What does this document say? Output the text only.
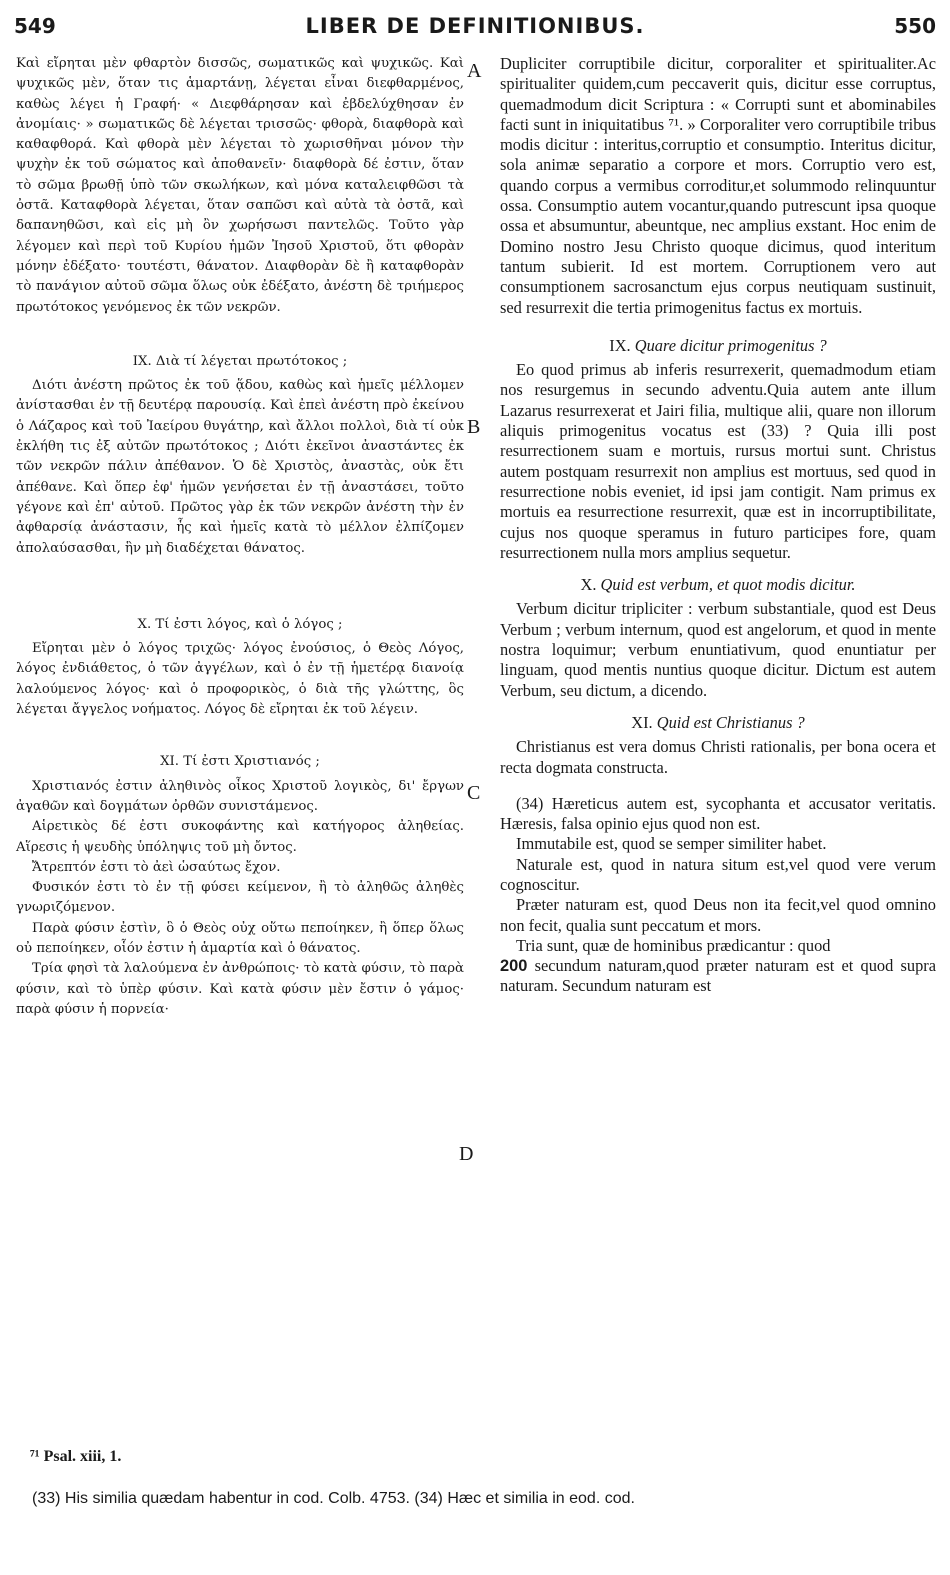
549	LIBER DE DEFINITIONIBUS.	550
A
B
C
D

Καὶ εἴρηται μὲν φθαρτὸν δισσῶς, σωματικῶς καὶ ψυχικῶς. Καὶ ψυχικῶς μὲν, ὅταν τις ἁμαρτάνῃ, λέγεται εἶναι διεφθαρμένος, καθὼς λέγει ἡ Γραφή· « Διεφθάρησαν καὶ ἐβδελύχθησαν ἐν ἀνομίαις· » σωματικῶς δὲ λέγεται τρισσῶς· φθορὰ, διαφθορὰ καὶ καθαφθορά. Καὶ φθορὰ μὲν λέγεται τὸ χωρισθῆναι μόνον τὴν ψυχὴν ἐκ τοῦ σώματος καὶ ἀποθανεῖν· διαφθορὰ δέ ἐστιν, ὅταν τὸ σῶμα βρωθῇ ὑπὸ τῶν σκωλήκων, καὶ μόνα καταλειφθῶσι τὰ ὀστᾶ. Καταφθορὰ λέγεται, ὅταν σαπῶσι καὶ αὐτὰ τὰ ὀστᾶ, καὶ δαπανηθῶσι, καὶ εἰς μὴ ὂν χωρήσωσι παντελῶς. Τοῦτο γὰρ λέγομεν καὶ περὶ τοῦ Κυρίου ἡμῶν Ἰησοῦ Χριστοῦ, ὅτι φθορὰν μόνην ἐδέξατο· τουτέστι, θάνατον. Διαφθορὰν δὲ ἢ καταφθορὰν τὸ πανάγιον αὐτοῦ σῶμα ὅλως οὐκ ἐδέξατο, ἀνέστη δὲ τριήμερος πρωτότοκος γενόμενος ἐκ τῶν νεκρῶν.

IX. Διὰ τί λέγεται πρωτότοκος ;

Διότι ἀνέστη πρῶτος ἐκ τοῦ ᾅδου, καθὼς καὶ ἡμεῖς μέλλομεν ἀνίστασθαι ἐν τῇ δευτέρᾳ παρουσίᾳ. Καὶ ἐπεὶ ἀνέστη πρὸ ἐκείνου ὁ Λάζαρος καὶ τοῦ Ἰαείρου θυγάτηρ, καὶ ἄλλοι πολλοὶ, διὰ τί οὐκ ἐκλήθη τις ἐξ αὐτῶν πρωτότοκος ; Διότι ἐκεῖνοι ἀναστάντες ἐκ τῶν νεκρῶν πάλιν ἀπέθανον. Ὁ δὲ Χριστὸς, ἀναστὰς, οὐκ ἔτι ἀπέθανε. Καὶ ὅπερ ἐφ' ἡμῶν γενήσεται ἐν τῇ ἀναστάσει, τοῦτο γέγονε καὶ ἐπ' αὐτοῦ. Πρῶτος γὰρ ἐκ τῶν νεκρῶν ἀνέστη τὴν ἐν ἀφθαρσίᾳ ἀνάστασιν, ἧς καὶ ἡμεῖς κατὰ τὸ μέλλον ἐλπίζομεν ἀπολαύσασθαι, ἣν μὴ διαδέχεται θάνατος.

X. Τί ἐστι λόγος, καὶ ὁ λόγος ;

Εἴρηται μὲν ὁ λόγος τριχῶς· λόγος ἐνούσιος, ὁ Θεὸς Λόγος, λόγος ἐνδιάθετος, ὁ τῶν ἀγγέλων, καὶ ὁ ἐν τῇ ἡμετέρᾳ διανοίᾳ λαλούμενος λόγος· καὶ ὁ προφορικὸς, ὁ διὰ τῆς γλώττης, ὃς λέγεται ἄγγελος νοήματος. Λόγος δὲ εἴρηται ἐκ τοῦ λέγειν.

XI. Τί ἐστι Χριστιανός ;

Χριστιανός ἐστιν ἀληθινὸς οἶκος Χριστοῦ λογικὸς, δι' ἔργων ἀγαθῶν καὶ δογμάτων ὀρθῶν συνιστάμενος.

Αἱρετικὸς δέ ἐστι συκοφάντης καὶ κατήγορος ἀληθείας. Αἵρεσις ἡ ψευδὴς ὑπόληψις τοῦ μὴ ὄντος.

Ἄτρεπτόν ἐστι τὸ ἀεὶ ὡσαύτως ἔχον.

Φυσικόν ἐστι τὸ ἐν τῇ φύσει κείμενον, ἢ τὸ ἀληθῶς ἀληθὲς γνωριζόμενον.

Παρὰ φύσιν ἐστὶν, ὃ ὁ Θεὸς οὐχ οὕτω πεποίηκεν, ἢ ὅπερ ὅλως οὐ πεποίηκεν, οἷόν ἐστιν ἡ ἁμαρτία καὶ ὁ θάνατος.

Τρία φησὶ τὰ λαλούμενα ἐν ἀνθρώποις· τὸ κατὰ φύσιν, τὸ παρὰ φύσιν, καὶ τὸ ὑπὲρ φύσιν. Καὶ κατὰ φύσιν μὲν ἔστιν ὁ γάμος· παρὰ φύσιν ἡ πορνεία·

Dupliciter corruptibile dicitur, corporaliter et spiritualiter.Ac spiritualiter quidem,cum peccaverit quis, dicitur esse corruptus, quemadmodum dicit Scriptura : « Corrupti sunt et abominabiles facti sunt in iniquitatibus ⁷¹. » Corporaliter vero corruptibile tribus modis dicitur : interitus,corruptio et consumptio. Interitus dicitur, sola animæ separatio a corpore et mors. Corruptio vero est, quando corpus a vermibus corroditur,et solummodo relinquuntur ossa. Consumptio autem vocantur,quando putrescunt ipsa quoque ossa et absumuntur, abeuntque, nec amplius exstant. Hoc enim de Domino nostro Jesu Christo quoque dicimus, quod interitum tantum subierit. Id est mortem. Corruptionem vero aut consumptionem sacrosanctum ejus corpus neutiquam sustinuit, sed resurrexit die tertia primogenitus factus ex mortuis.

IX. Quare dicitur primogenitus ?

Eo quod primus ab inferis resurrexerit, quemadmodum etiam nos resurgemus in secundo adventu.Quia autem ante illum Lazarus resurrexerat et Jairi filia, multique alii, quare non illorum aliquis primogenitus vocatus est (33) ? Quia illi post resurrectionem suam e mortuis, rursus mortui sunt. Christus autem postquam resurrexit non amplius est mortuus, sed quod in resurrectione nobis eveniet, id ipsi jam contigit. Nam primus ex mortuis ea resurrectione resurrexit, quæ est in incorruptibilitate, cujus nos quoque speramus in futuro participes fore, quam resurrectionem nulla mors amplius sequetur.

X. Quid est verbum, et quot modis dicitur.

Verbum dicitur tripliciter : verbum substantiale, quod est Deus Verbum ; verbum internum, quod est angelorum, et quod in mente nostra loquimur; verbum enuntiativum, quod enuntiatur per linguam, quod mentis nuntius quoque dicitur. Dictum est autem Verbum, seu dictum, a dicendo.

XI. Quid est Christianus ?

Christianus est vera domus Christi rationalis, per bona ocera et recta dogmata constructa.

(34) Hæreticus autem est, sycophanta et accusator veritatis. Hæresis, falsa opinio ejus quod non est.

Immutabile est, quod se semper similiter habet.

Naturale est, quod in natura situm est,vel quod vere verum cognoscitur.

Præter naturam est, quod Deus non ita fecit,vel quod omnino non fecit, qualia sunt peccatum et mors.

Tria sunt, quæ de hominibus prædicantur : quod
200 secundum naturam,quod præter naturam est et quod supra naturam. Secundum naturam est

⁷¹ Psal. xiii, 1.
(33) His similia quædam habentur in cod. Colb. 4753. (34) Hæc et similia in eod. cod.
